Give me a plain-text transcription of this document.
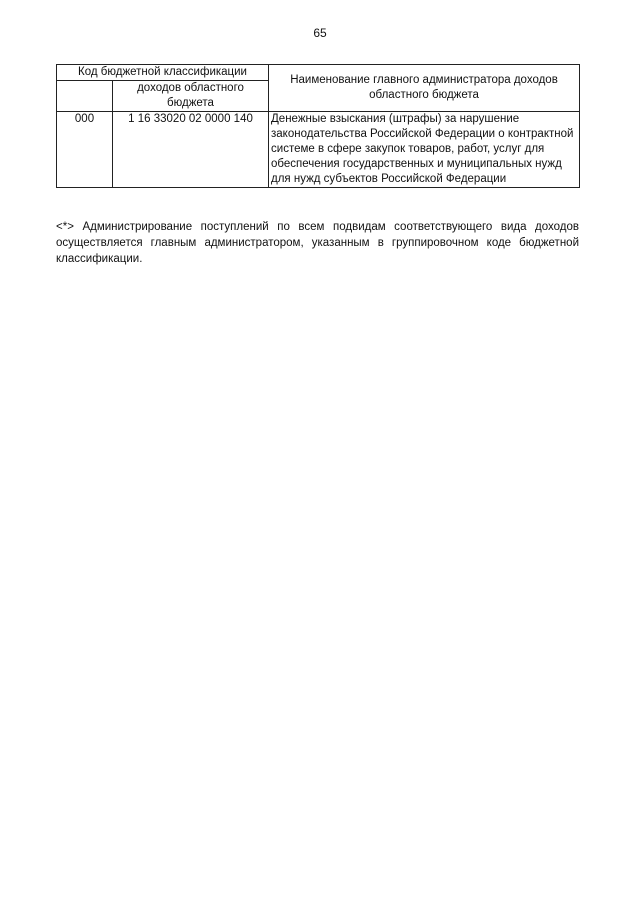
65
Код бюджетной классификации		Наименование главного администратора доходов областного бюджета
	доходов областного бюджета	
000	1 16 33020 02 0000 140	Денежные взыскания (штрафы) за нарушение законодательства Российской Федерации о контрактной системе в сфере закупок товаров, работ, услуг для обеспечения государственных и муниципальных нужд для нужд субъектов Российской Федерации

<*> Администрирование поступлений по всем подвидам соответствующего вида доходов осуществляется главным администратором, указанным в группировочном коде бюджетной классификации.
